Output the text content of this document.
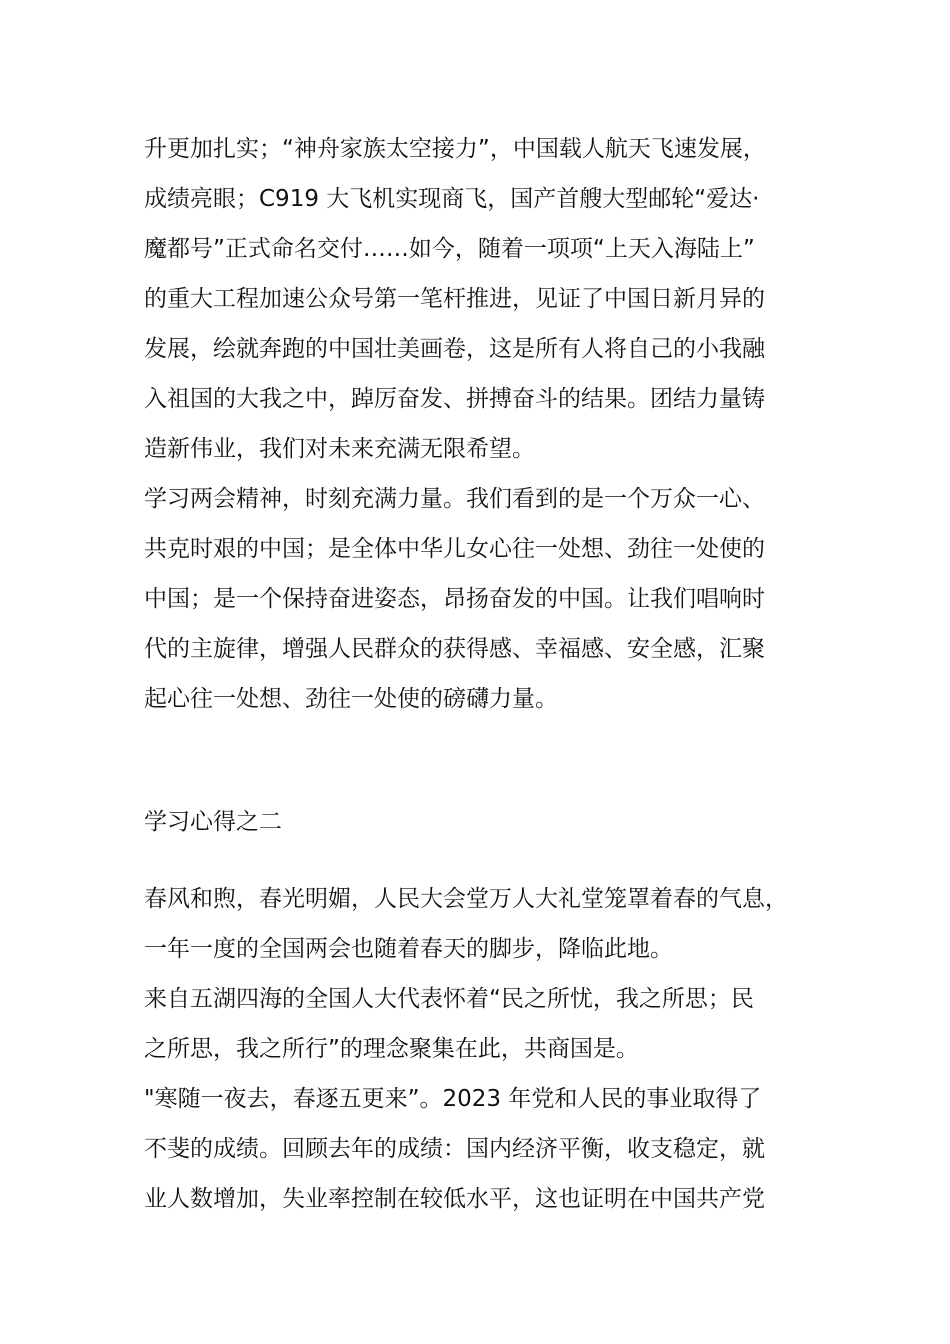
升更加扎实；“神舟家族太空接力”，中国载人航天飞速发展，
成绩亮眼；C919 大飞机实现商飞，国产首艘大型邮轮“爱达·
魔都号”正式命名交付……如今，随着一项项“上天入海陆上”
的重大工程加速公众号第一笔杆推进，见证了中国日新月异的
发展，绘就奔跑的中国壮美画卷，这是所有人将自己的小我融
入祖国的大我之中，踔厉奋发、拼搏奋斗的结果。团结力量铸
造新伟业，我们对未来充满无限希望。
学习两会精神，时刻充满力量。我们看到的是一个万众一心、
共克时艰的中国；是全体中华儿女心往一处想、劲往一处使的
中国；是一个保持奋进姿态，昂扬奋发的中国。让我们唱响时
代的主旋律，增强人民群众的获得感、幸福感、安全感，汇聚
起心往一处想、劲往一处使的磅礴力量。
学习心得之二
春风和煦，春光明媚，人民大会堂万人大礼堂笼罩着春的气息，
一年一度的全国两会也随着春天的脚步，降临此地。
来自五湖四海的全国人大代表怀着“民之所忧，我之所思；民
之所思，我之所行”的理念聚集在此，共商国是。
"寒随一夜去，春逐五更来”。2023 年党和人民的事业取得了
不斐的成绩。回顾去年的成绩：国内经济平衡，收支稳定，就
业人数增加，失业率控制在较低水平，这也证明在中国共产党
